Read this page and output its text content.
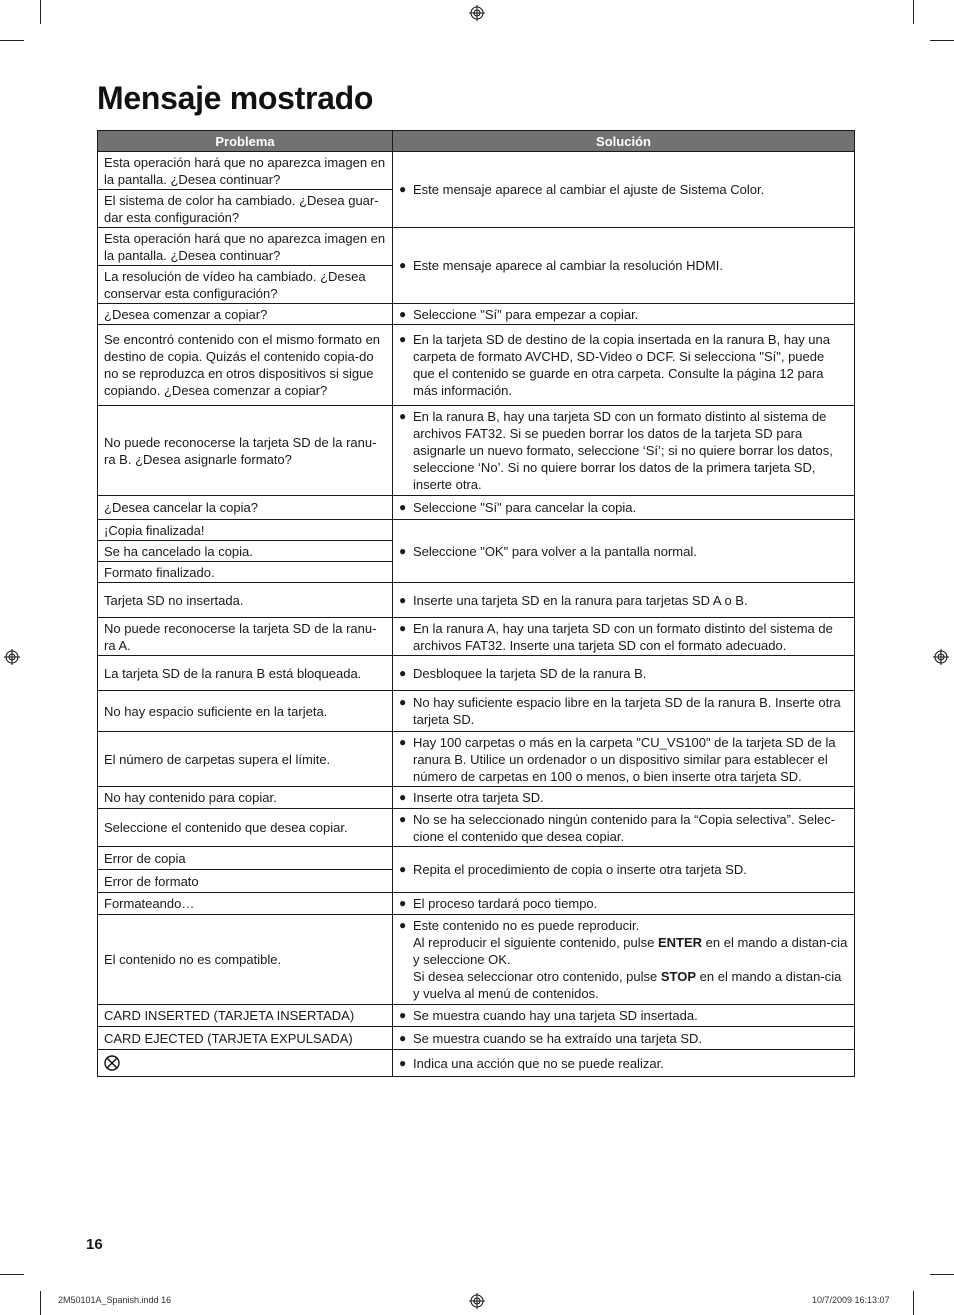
Mensaje mostrado
Problema	Solución
Esta operación hará que no aparezca imagen en la pantalla. ¿Desea continuar?	● Este mensaje aparece al cambiar el ajuste de Sistema Color.

El sistema de color ha cambiado. ¿Desea guar-dar esta configuración?	
Esta operación hará que no aparezca imagen en la pantalla. ¿Desea continuar?	● Este mensaje aparece al cambiar la resolución HDMI.

La resolución de vídeo ha cambiado. ¿Desea conservar esta configuración?	
¿Desea comenzar a copiar?	● Seleccione "Sí" para empezar a copiar.

Se encontró contenido con el mismo formato en destino de copia. Quizás el contenido copia-do no se reproduzca en otros dispositivos si sigue copiando. ¿Desea comenzar a copiar?	● En la tarjeta SD de destino de la copia insertada en la ranura B, hay una carpeta de formato AVCHD, SD-Video o DCF. Si selecciona "Sí", puede que el contenido se guarde en otra carpeta. Consulte la página 12 para más información.

No puede reconocerse la tarjeta SD de la ranu-ra B. ¿Desea asignarle formato?	● En la ranura B, hay una tarjeta SD con un formato distinto al sistema de archivos FAT32. Si se pueden borrar los datos de la tarjeta SD para asignarle un nuevo formato, seleccione ‘Sí’; si no quiere borrar los datos, seleccione ‘No’. Si no quiere borrar los datos de la primera tarjeta SD, inserte otra.

¿Desea cancelar la copia?	● Seleccione "Sí" para cancelar la copia.

¡Copia finalizada!	● Seleccione "OK" para volver a la pantalla normal.

Se ha cancelado la copia.	
Formato finalizado.	
Tarjeta SD no insertada.	● Inserte una tarjeta SD en la ranura para tarjetas SD A o B.

No puede reconocerse la tarjeta SD de la ranu-ra A.	● En la ranura A, hay una tarjeta SD con un formato distinto del sistema de archivos FAT32. Inserte una tarjeta SD con el formato adecuado.

La tarjeta SD de la ranura B está bloqueada.	● Desbloquee la tarjeta SD de la ranura B.

No hay espacio suficiente en la tarjeta.	● No hay suficiente espacio libre en la tarjeta SD de la ranura B. Inserte otra tarjeta SD.

El número de carpetas supera el límite.	● Hay 100 carpetas o más en la carpeta "CU_VS100" de la tarjeta SD de la ranura B. Utilice un ordenador o un dispositivo similar para establecer el número de carpetas en 100 o menos, o bien inserte otra tarjeta SD.

No hay contenido para copiar.	● Inserte otra tarjeta SD.

Seleccione el contenido que desea copiar.	● No se ha seleccionado ningún contenido para la “Copia selectiva”. Selec-cione el contenido que desea copiar.

Error de copia	● Repita el procedimiento de copia o inserte otra tarjeta SD.

Error de formato	
Formateando…	● El proceso tardará poco tiempo.

El contenido no es compatible.	● Este contenido no es puede reproducir.
Al reproducir el siguiente contenido, pulse ENTER en el mando a distan-cia y seleccione OK.
Si desea seleccionar otro contenido, pulse STOP en el mando a distan-cia y vuelva al menú de contenidos.

CARD INSERTED (TARJETA INSERTADA)	● Se muestra cuando hay una tarjeta SD insertada.

CARD EJECTED (TARJETA EXPULSADA)	● Se muestra cuando se ha extraído una tarjeta SD.

● Indica una acción que no se puede realizar.
16
2M50101A_Spanish.indd 16	10/7/2009 16:13:07
